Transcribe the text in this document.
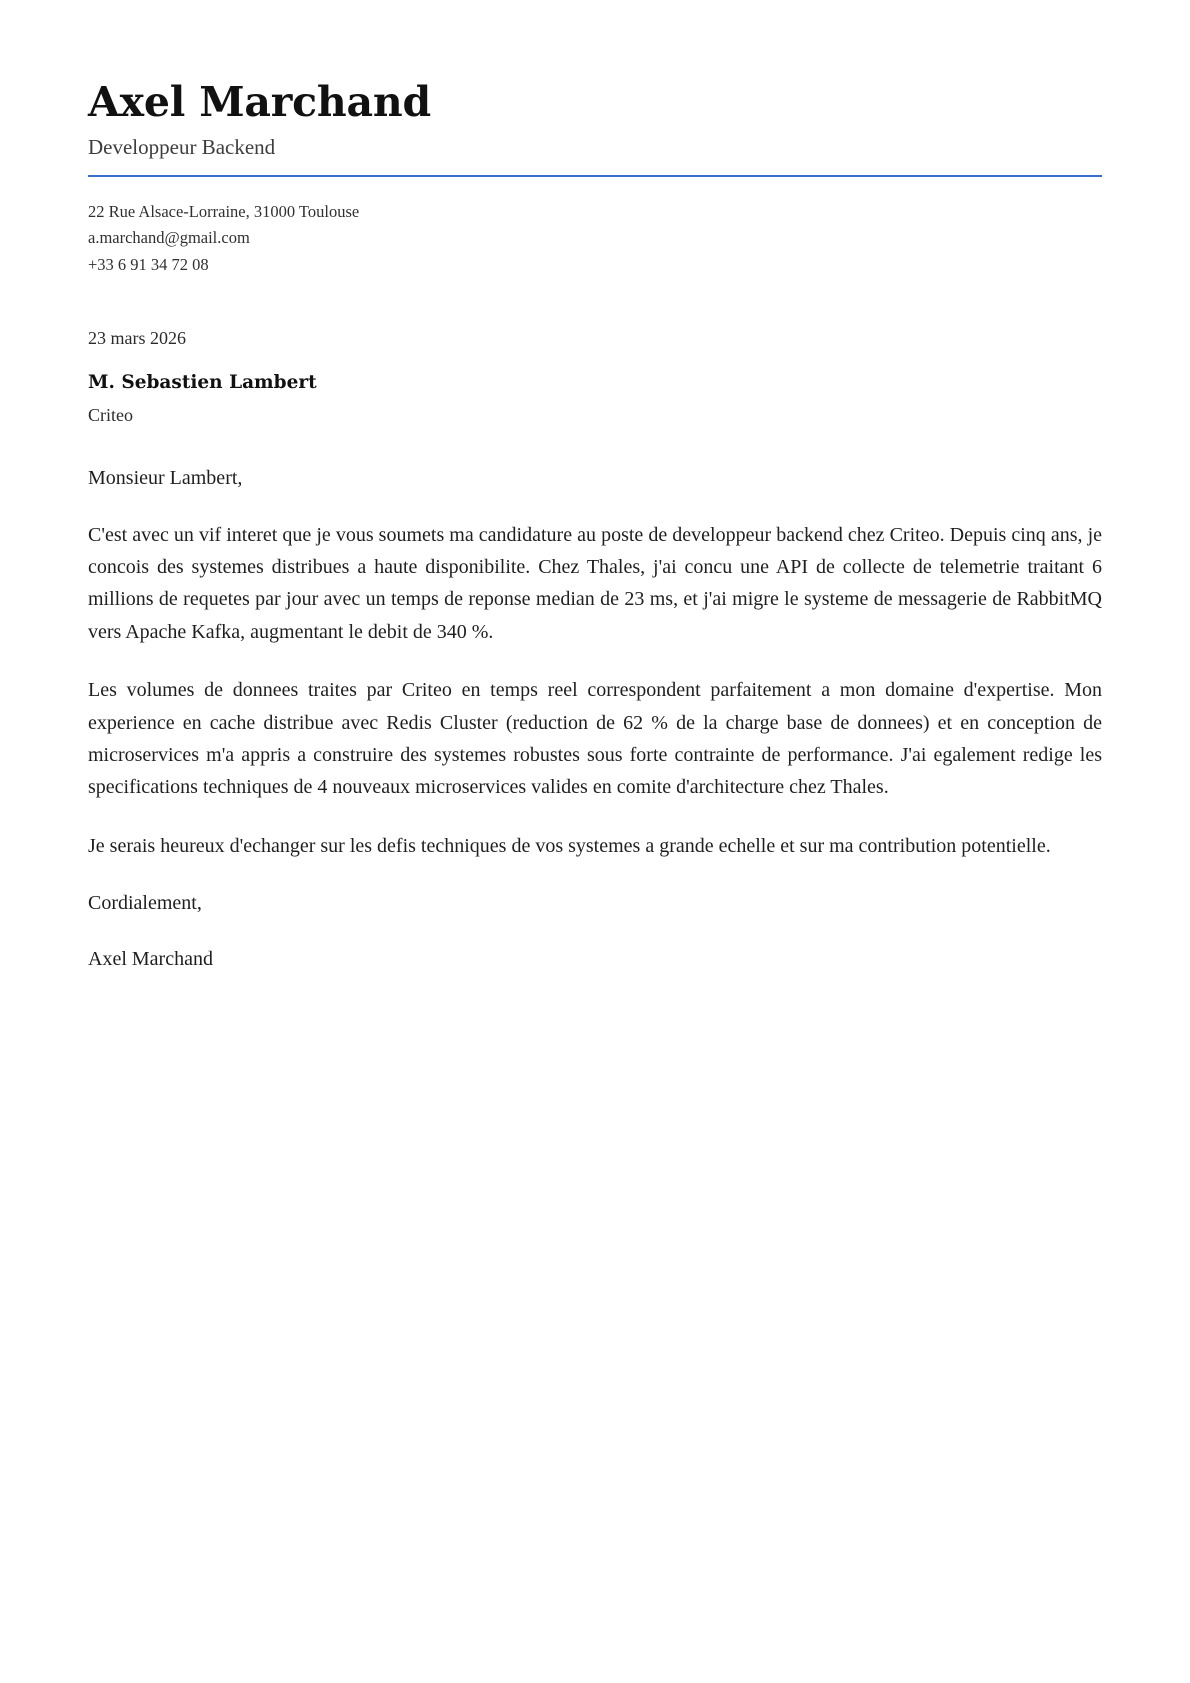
Axel Marchand
Developpeur Backend
22 Rue Alsace-Lorraine, 31000 Toulouse
a.marchand@gmail.com
+33 6 91 34 72 08
23 mars 2026
M. Sebastien Lambert
Criteo
Monsieur Lambert,

C'est avec un vif interet que je vous soumets ma candidature au poste de developpeur backend chez Criteo. Depuis cinq ans, je concois des systemes distribues a haute disponibilite. Chez Thales, j'ai concu une API de collecte de telemetrie traitant 6 millions de requetes par jour avec un temps de reponse median de 23 ms, et j'ai migre le systeme de messagerie de RabbitMQ vers Apache Kafka, augmentant le debit de 340 %.

Les volumes de donnees traites par Criteo en temps reel correspondent parfaitement a mon domaine d'expertise. Mon experience en cache distribue avec Redis Cluster (reduction de 62 % de la charge base de donnees) et en conception de microservices m'a appris a construire des systemes robustes sous forte contrainte de performance. J'ai egalement redige les specifications techniques de 4 nouveaux microservices valides en comite d'architecture chez Thales.

Je serais heureux d'echanger sur les defis techniques de vos systemes a grande echelle et sur ma contribution potentielle.

Cordialement,
Axel Marchand
